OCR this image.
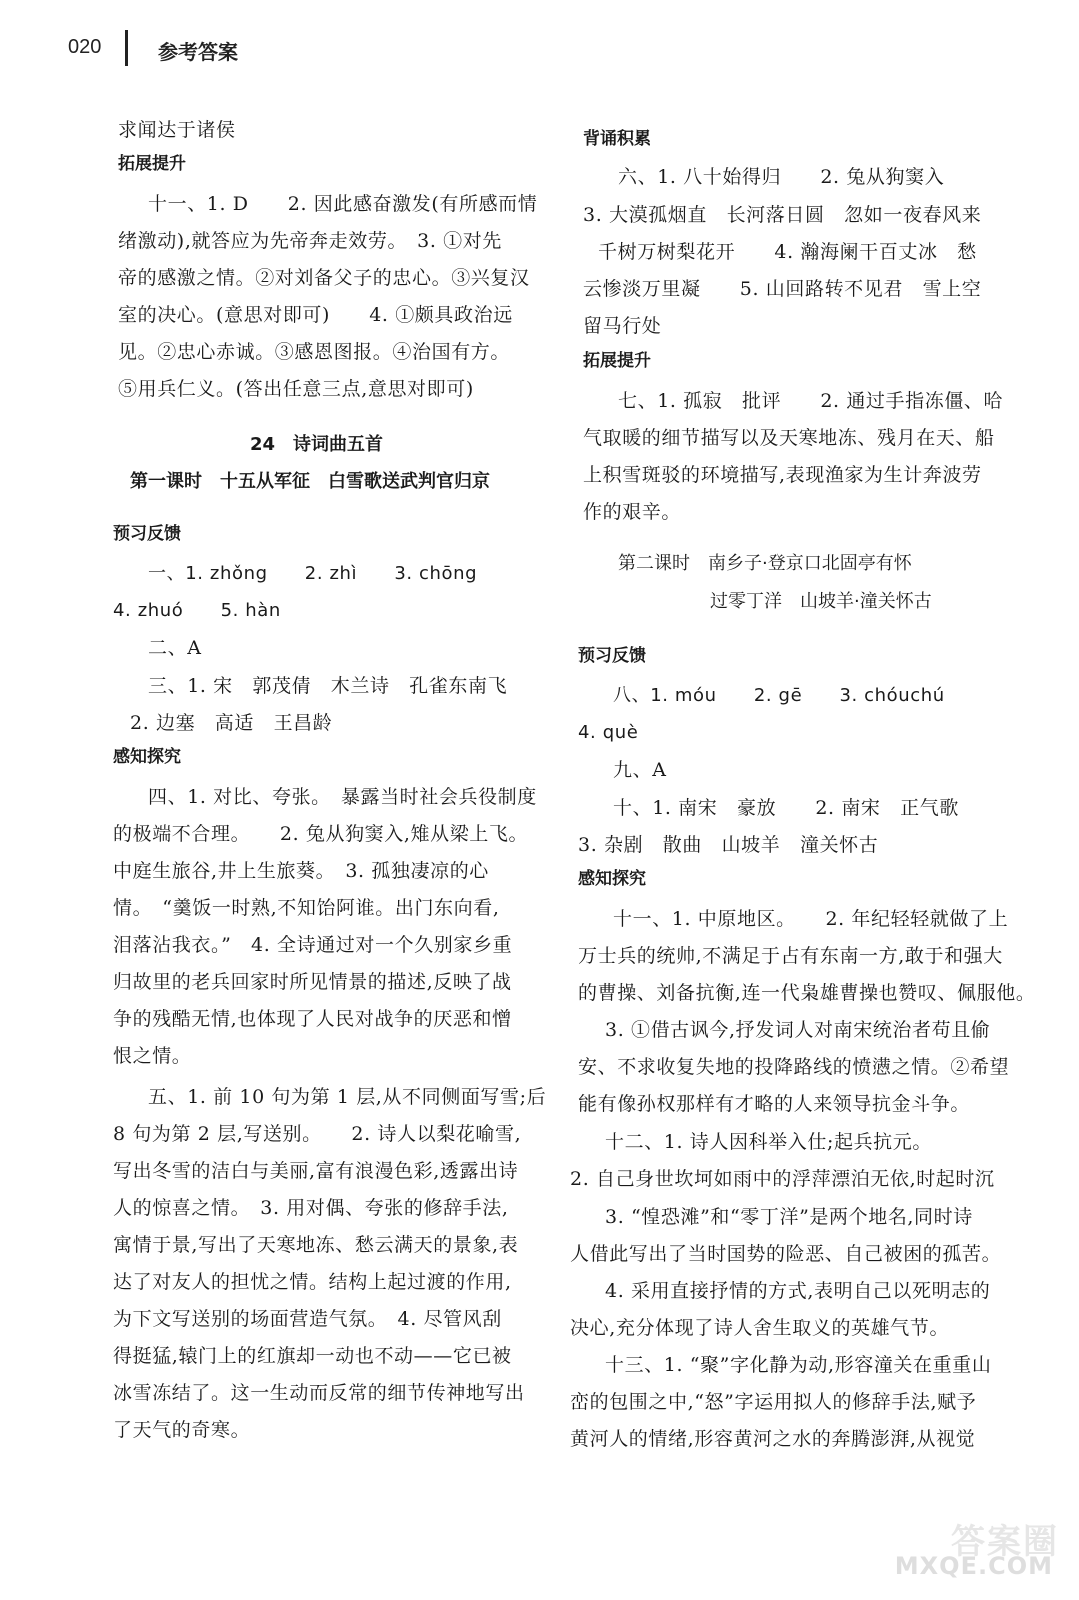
020	参考答案
求闻达于诸侯
拓展提升
十一、1. D　　2. 因此感奋激发(有所感而情
绪激动),就答应为先帝奔走效劳。　3. ①对先
帝的感激之情。②对刘备父子的忠心。③兴复汉
室的决心。(意思对即可)　　4. ①颇具政治远
见。②忠心赤诚。③感恩图报。④治国有方。
⑤用兵仁义。(答出任意三点,意思对即可)
24　诗词曲五首
第一课时　十五从军征　白雪歌送武判官归京
预习反馈
一、1. zhǒng　　2. zhì　　3. chōng
4. zhuó　　5. hàn
二、A
三、1. 宋　郭茂倩　木兰诗　孔雀东南飞
2. 边塞　高适　王昌龄
感知探究
四、1. 对比、夸张。　暴露当时社会兵役制度
的极端不合理。　　2. 兔从狗窦入,雉从梁上飞。
中庭生旅谷,井上生旅葵。　3. 孤独凄凉的心
情。　“羹饭一时熟,不知饴阿谁。出门东向看,
泪落沾我衣。”　4. 全诗通过对一个久别家乡重
归故里的老兵回家时所见情景的描述,反映了战
争的残酷无情,也体现了人民对战争的厌恶和憎
恨之情。
五、1. 前 10 句为第 1 层,从不同侧面写雪;后
8 句为第 2 层,写送别。　　2. 诗人以梨花喻雪,
写出冬雪的洁白与美丽,富有浪漫色彩,透露出诗
人的惊喜之情。　3. 用对偶、夸张的修辞手法,
寓情于景,写出了天寒地冻、愁云满天的景象,表
达了对友人的担忧之情。结构上起过渡的作用,
为下文写送别的场面营造气氛。　4. 尽管风刮
得挺猛,辕门上的红旗却一动也不动——它已被
冰雪冻结了。这一生动而反常的细节传神地写出
了天气的奇寒。
背诵积累
六、1. 八十始得归　　2. 兔从狗窦入
3. 大漠孤烟直　长河落日圆　忽如一夜春风来
千树万树梨花开　　4. 瀚海阑干百丈冰　愁
云惨淡万里凝　　5. 山回路转不见君　雪上空
留马行处
拓展提升
七、1. 孤寂　批评　　2. 通过手指冻僵、哈
气取暖的细节描写以及天寒地冻、残月在天、船
上积雪斑驳的环境描写,表现渔家为生计奔波劳
作的艰辛。
第二课时　南乡子·登京口北固亭有怀
过零丁洋　山坡羊·潼关怀古
预习反馈
八、1. móu　　2. gē　　3. chóuchú
4. què
九、A
十、1. 南宋　豪放　　2. 南宋　正气歌
3. 杂剧　散曲　山坡羊　潼关怀古
感知探究
十一、1. 中原地区。　　2. 年纪轻轻就做了上
万士兵的统帅,不满足于占有东南一方,敢于和强大
的曹操、刘备抗衡,连一代枭雄曹操也赞叹、佩服他。
3. ①借古讽今,抒发词人对南宋统治者苟且偷
安、不求收复失地的投降路线的愤懑之情。②希望
能有像孙权那样有才略的人来领导抗金斗争。
十二、1. 诗人因科举入仕;起兵抗元。
2. 自己身世坎坷如雨中的浮萍漂泊无依,时起时沉
3. “惶恐滩”和“零丁洋”是两个地名,同时诗
人借此写出了当时国势的险恶、自己被困的孤苦。
4. 采用直接抒情的方式,表明自己以死明志的
决心,充分体现了诗人舍生取义的英雄气节。
十三、1. “聚”字化静为动,形容潼关在重重山
峦的包围之中,“怒”字运用拟人的修辞手法,赋予
黄河人的情绪,形容黄河之水的奔腾澎湃,从视觉
答案圈
MXQE.COM
